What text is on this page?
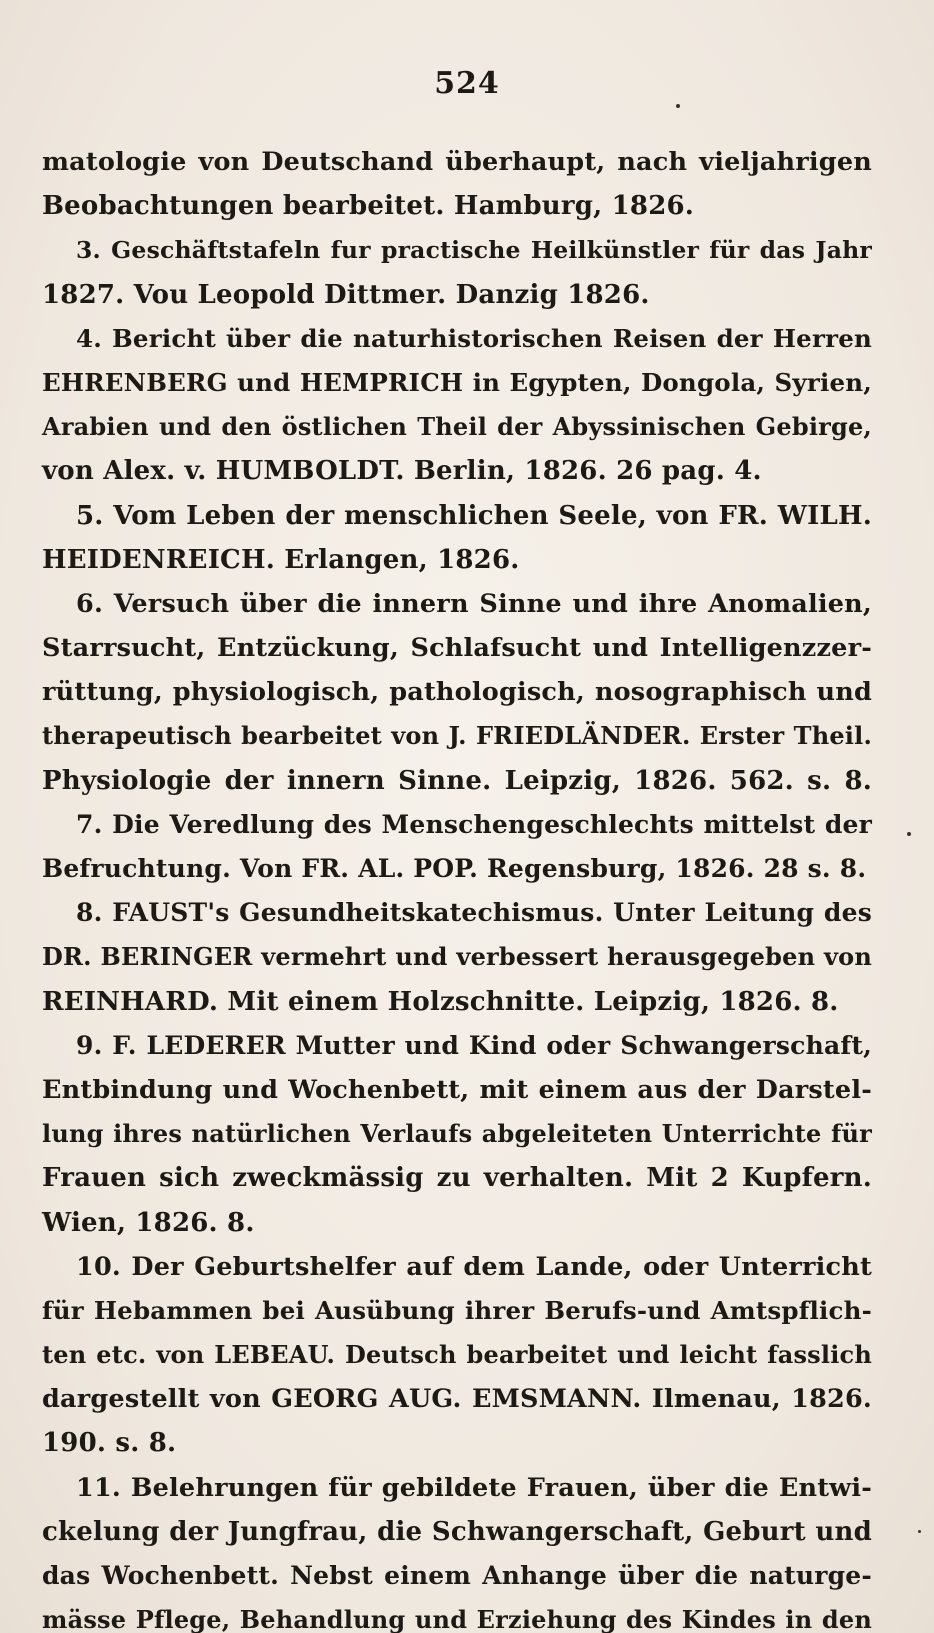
524
matologie von Deutschand überhaupt, nach vieljahrigen
Beobachtungen bearbeitet. Hamburg, 1826.
3. Geschäftstafeln fur practische Heilkünstler für das Jahr
1827. Vou Leopold Dittmer. Danzig 1826.
4. Bericht über die naturhistorischen Reisen der Herren
EHRENBERG und HEMPRICH in Egypten, Dongola, Syrien,
Arabien und den östlichen Theil der Abyssinischen Gebirge,
von Alex. v. HUMBOLDT. Berlin, 1826. 26 pag. 4.
5. Vom Leben der menschlichen Seele, von FR. WILH.
HEIDENREICH. Erlangen, 1826.
6. Versuch über die innern Sinne und ihre Anomalien,
Starrsucht, Entzückung, Schlafsucht und Intelligenzzer-
rüttung, physiologisch, pathologisch, nosographisch und
therapeutisch bearbeitet von J. FRIEDLÄNDER. Erster Theil.
Physiologie der innern Sinne. Leipzig, 1826. 562. s. 8.
7. Die Veredlung des Menschengeschlechts mittelst der
Befruchtung. Von FR. AL. POP. Regensburg, 1826. 28 s. 8.
8. FAUST's Gesundheitskatechismus. Unter Leitung des
DR. BERINGER vermehrt und verbessert herausgegeben von
REINHARD. Mit einem Holzschnitte. Leipzig, 1826. 8.
9. F. LEDERER Mutter und Kind oder Schwangerschaft,
Entbindung und Wochenbett, mit einem aus der Darstel-
lung ihres natürlichen Verlaufs abgeleiteten Unterrichte für
Frauen sich zweckmässig zu verhalten. Mit 2 Kupfern.
Wien, 1826. 8.
10. Der Geburtshelfer auf dem Lande, oder Unterricht
für Hebammen bei Ausübung ihrer Berufs-und Amtspflich-
ten etc. von LEBEAU. Deutsch bearbeitet und leicht fasslich
dargestellt von GEORG AUG. EMSMANN. Ilmenau, 1826.
190. s. 8.
11. Belehrungen für gebildete Frauen, über die Entwi-
ckelung der Jungfrau, die Schwangerschaft, Geburt und
das Wochenbett. Nebst einem Anhange über die naturge-
mässe Pflege, Behandlung und Erziehung des Kindes in den
